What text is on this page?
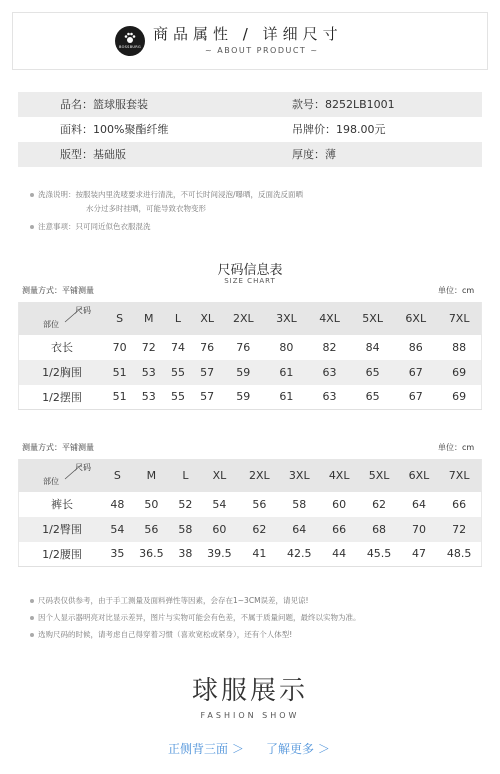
BOSSBURG
商品属性 / 详细尺寸
~ ABOUT PRODUCT ~
品名：篮球服套装	款号：8252LB1001
面料：100%聚酯纤维	吊牌价：198.00元
版型：基础版	厚度：薄
洗涤说明：按服装内里洗唛要求进行清洗，不可长时间浸泡/曝晒，反面洗反面晒
水分过多时挂晒，可能导致衣物变形
注意事项：只可同近似色衣服混洗
尺码信息表
SIZE CHART
测量方式：平铺测量	单位：cm
尺码
部位	S	M	L	XL	2XL	3XL	4XL	5XL	6XL	7XL
衣长	70	72	74	76	76	80	82	84	86	88
1/2胸围	51	53	55	57	59	61	63	65	67	69
1/2摆围	51	53	55	57	59	61	63	65	67	69
测量方式：平铺测量	单位：cm
尺码
部位	S	M	L	XL	2XL	3XL	4XL	5XL	6XL	7XL
裤长	48	50	52	54	56	58	60	62	64	66
1/2臀围	54	56	58	60	62	64	66	68	70	72
1/2腰围	35	36.5	38	39.5	41	42.5	44	45.5	47	48.5
尺码表仅供参考，由于手工测量及面料弹性等因素，会存在1~3CM误差，请见谅!
因个人显示器明亮对比显示差异，图片与实物可能会有色差，不属于质量问题，最终以实物为准。
选购尺码的时候，请考虑自己得穿着习惯（喜欢宽松或紧身），还有个人体型!
球服展示
FASHION SHOW
正侧背三面 ＞ 了解更多 ＞
